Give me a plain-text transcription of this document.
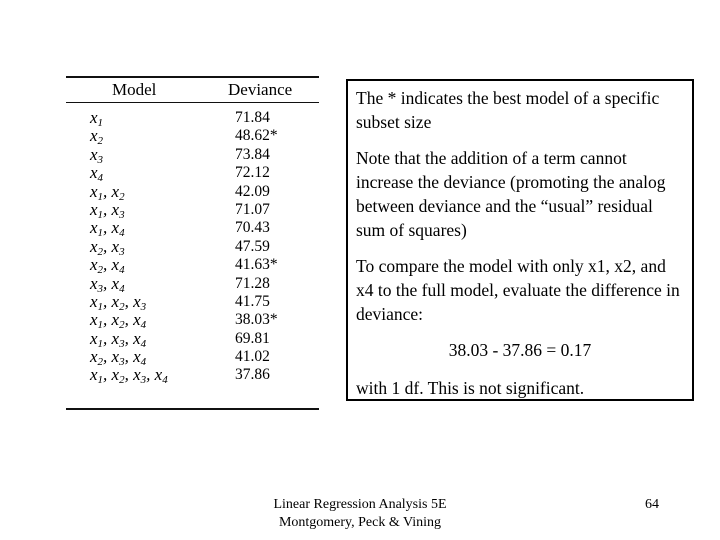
Model	Deviance
$x_1$	71.84
$x_2$	48.62*
$x_3$	73.84
$x_4$	72.12
$x_1$, $x_2$	42.09
$x_1$, $x_3$	71.07
$x_1$, $x_4$	70.43
$x_2$, $x_3$	47.59
$x_2$, $x_4$	41.63*
$x_3$, $x_4$	71.28
$x_1$, $x_2$, $x_3$	41.75
$x_1$, $x_2$, $x_4$	38.03*
$x_1$, $x_3$, $x_4$	69.81
$x_2$, $x_3$, $x_4$	41.02
$x_1$, $x_2$, $x_3$, $x_4$	37.86

The * indicates the best model of a specific subset size

Note that the addition of a term cannot increase the deviance (promoting the analog between deviance and the “usual” residual sum of squares)

To compare the model with only x1, x2, and x4 to the full model, evaluate the difference in deviance:

38.03 - 37.86 = 0.17

with 1 df. This is not significant.

Linear Regression Analysis 5E
Montgomery, Peck & Vining
64
